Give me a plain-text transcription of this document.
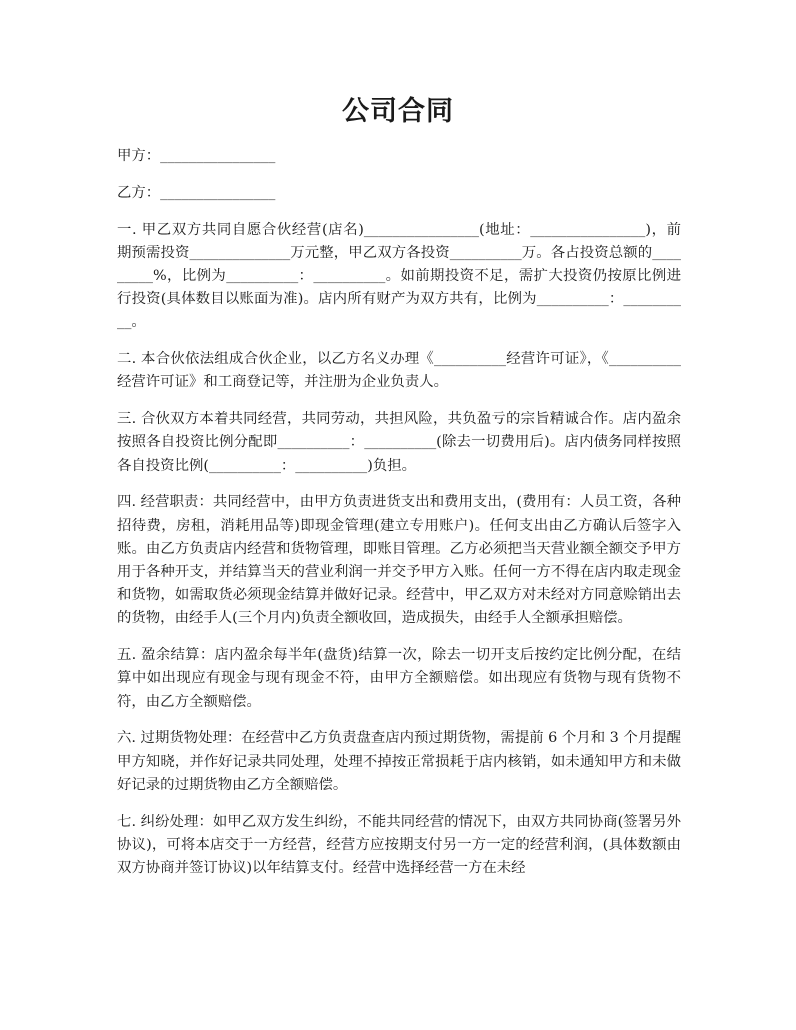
公司合同

甲方：________________

乙方：________________

一. 甲乙双方共同自愿合伙经营(店名)________________(地址：________________)，前期预需投资______________万元整，甲乙双方各投资__________万。各占投资总额的_________%，比例为__________：__________。如前期投资不足，需扩大投资仍按原比例进行投资(具体数目以账面为准)。店内所有财产为双方共有，比例为__________：__________。

二. 本合伙依法组成合伙企业，以乙方名义办理《__________经营许可证》，《__________经营许可证》和工商登记等，并注册为企业负责人。

三. 合伙双方本着共同经营，共同劳动，共担风险，共负盈亏的宗旨精诚合作。店内盈余按照各自投资比例分配即__________：__________(除去一切费用后)。店内债务同样按照各自投资比例(__________：__________)负担。

四. 经营职责：共同经营中，由甲方负责进货支出和费用支出，(费用有：人员工资，各种招待费，房租，消耗用品等)即现金管理(建立专用账户)。任何支出由乙方确认后签字入账。由乙方负责店内经营和货物管理，即账目管理。乙方必须把当天营业额全额交予甲方用于各种开支，并结算当天的营业利润一并交予甲方入账。任何一方不得在店内取走现金和货物，如需取货必须现金结算并做好记录。经营中，甲乙双方对未经对方同意赊销出去的货物，由经手人(三个月内)负责全额收回，造成损失，由经手人全额承担赔偿。

五. 盈余结算：店内盈余每半年(盘货)结算一次，除去一切开支后按约定比例分配，在结算中如出现应有现金与现有现金不符，由甲方全额赔偿。如出现应有货物与现有货物不符，由乙方全额赔偿。

六. 过期货物处理：在经营中乙方负责盘查店内预过期货物，需提前 6 个月和 3 个月提醒甲方知晓，并作好记录共同处理，处理不掉按正常损耗于店内核销，如未通知甲方和未做好记录的过期货物由乙方全额赔偿。

七. 纠纷处理：如甲乙双方发生纠纷，不能共同经营的情况下，由双方共同协商(签署另外协议)，可将本店交于一方经营，经营方应按期支付另一方一定的经营利润，(具体数额由双方协商并签订协议)以年结算支付。经营中选择经营一方在未经
